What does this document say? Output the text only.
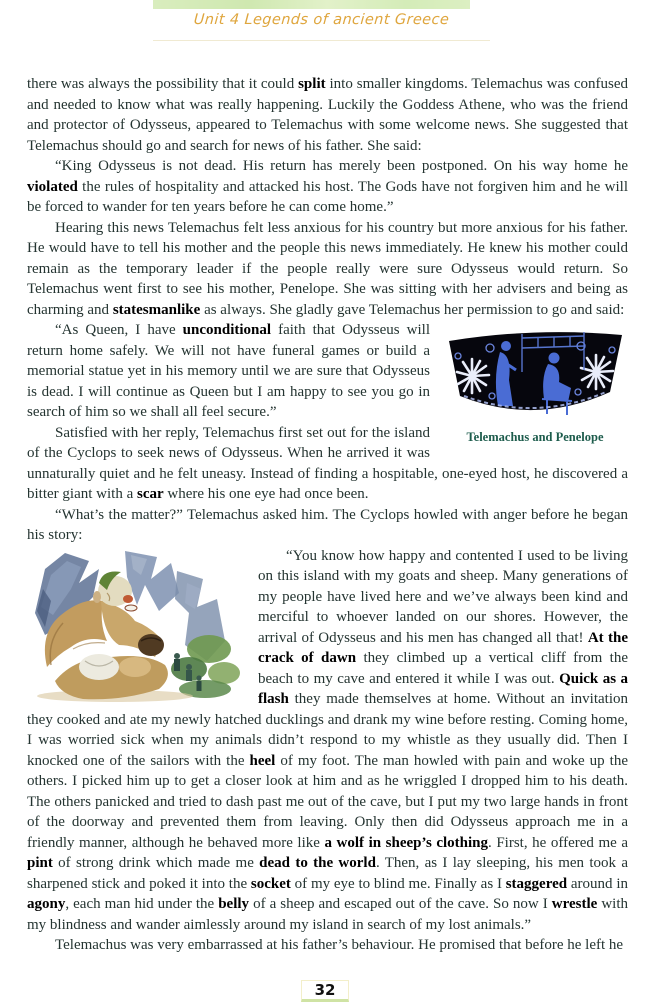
Unit 4 Legends of ancient Greece

there was always the possibility that it could split into smaller kingdoms. Telemachus was confused and needed to know what was really happening. Luckily the Goddess Athene, who was the friend and protector of Odysseus, appeared to Telemachus with some welcome news. She suggested that Telemachus should go and search for news of his father. She said:

“King Odysseus is not dead. His return has merely been postponed. On his way home he violated the rules of hospitality and attacked his host. The Gods have not forgiven him and he will be forced to wander for ten years before he can come home.”

Hearing this news Telemachus felt less anxious for his country but more anxious for his father. He would have to tell his mother and the people this news immediately. He knew his mother could remain as the temporary leader if the people really were sure Odysseus would return. So Telemachus went first to see his mother, Penelope. She was sitting with her advisers and being as charming and statesmanlike as always. She gladly gave Telemachus her permission to go and said:

Telemachus and Penelope

“As Queen, I have unconditional faith that Odysseus will return home safely. We will not have funeral games or build a memorial statue yet in his memory until we are sure that Odysseus is dead. I will continue as Queen but I am happy to see you go in search of him so we shall all feel secure.”

Satisfied with her reply, Telemachus first set out for the island of the Cyclops to seek news of Odysseus. When he arrived it was unnaturally quiet and he felt uneasy. Instead of finding a hospitable, one-eyed host, he discovered a bitter giant with a scar where his one eye had once been.

“What’s the matter?” Telemachus asked him. The Cyclops howled with anger before he began his story:

“You know how happy and contented I used to be living on this island with my goats and sheep. Many generations of my people have lived here and we’ve always been kind and merciful to whoever landed on our shores. However, the arrival of Odysseus and his men has changed all that! At the crack of dawn they climbed up a vertical cliff from the beach to my cave and entered it while I was out. Quick as a flash they made themselves at home. Without an invitation they cooked and ate my newly hatched ducklings and drank my wine before resting. Coming home, I was worried sick when my animals didn’t respond to my whistle as they usually did. Then I knocked one of the sailors with the heel of my foot. The man howled with pain and woke up the others. I picked him up to get a closer look at him and as he wriggled I dropped him to his death. The others panicked and tried to dash past me out of the cave, but I put my two large hands in front of the doorway and prevented them from leaving. Only then did Odysseus approach me in a friendly manner, although he behaved more like a wolf in sheep’s clothing. First, he offered me a pint of strong drink which made me dead to the world. Then, as I lay sleeping, his men took a sharpened stick and poked it into the socket of my eye to blind me. Finally as I staggered around in agony, each man hid under the belly of a sheep and escaped out of the cave. So now I wrestle with my blindness and wander aimlessly around my island in search of my lost animals.”

Telemachus was very embarrassed at his father’s behaviour. He promised that before he left he

32
